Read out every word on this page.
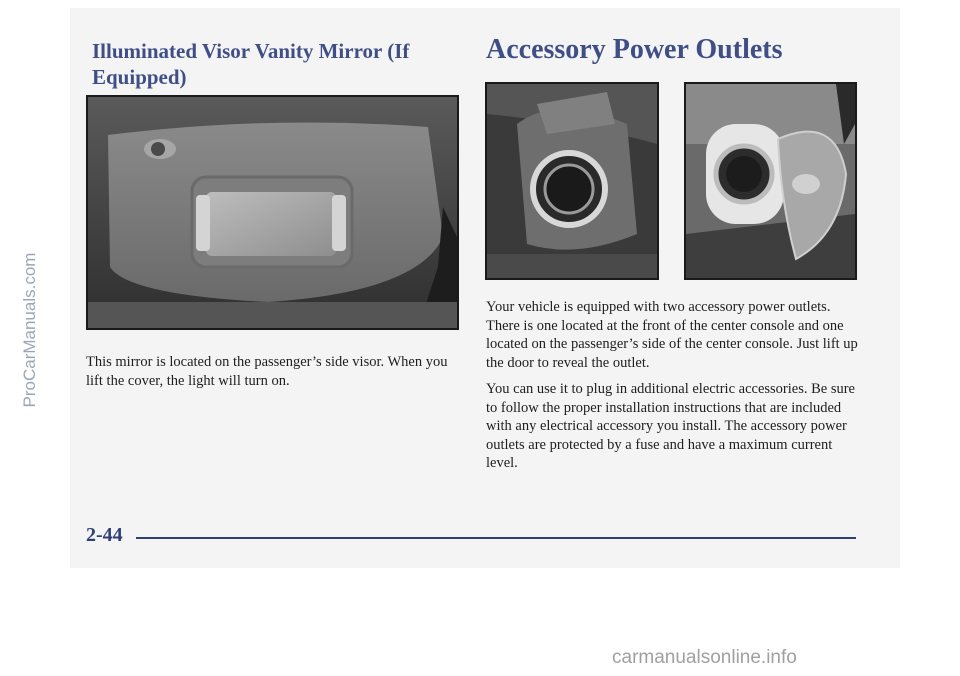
Illuminated Visor Vanity Mirror (If Equipped)
Accessory Power Outlets

This mirror is located on the passenger’s side visor. When you lift the cover, the light will turn on.

Your vehicle is equipped with two accessory power outlets. There is one located at the front of the center console and one located on the passenger’s side of the center console. Just lift up the door to reveal the outlet.

You can use it to plug in additional electric accessories. Be sure to follow the proper installation instructions that are included with any electrical accessory you install. The accessory power outlets are protected by a fuse and have a maximum current level.

2-44
ProCarManuals.com
carmanualsonline.info
